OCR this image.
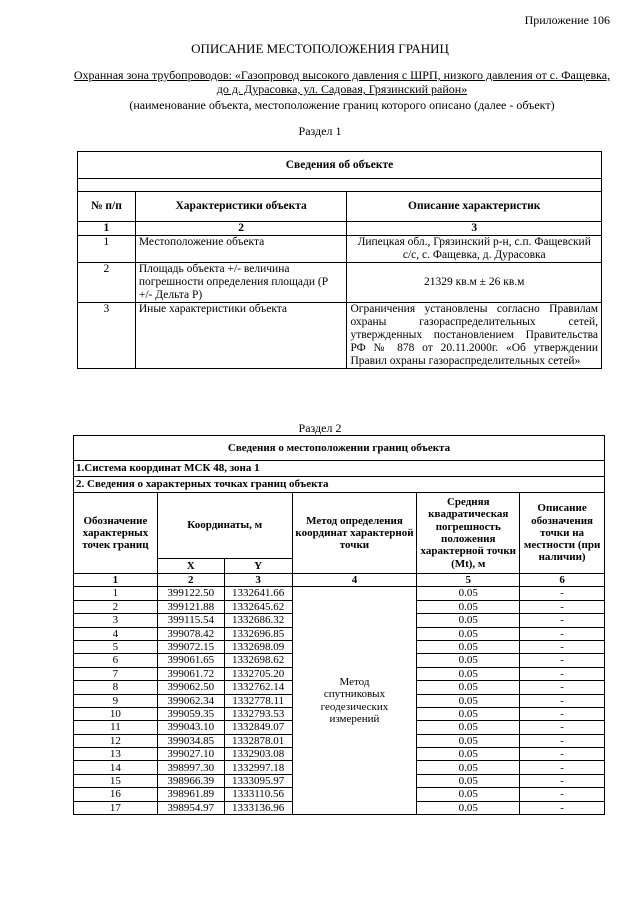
Приложение 106
ОПИСАНИЕ МЕСТОПОЛОЖЕНИЯ ГРАНИЦ
Охранная зона трубопроводов: «Газопровод высокого давления с ШРП, низкого давления от с. Фащевка, до д. Дурасовка, ул. Садовая, Грязинский район»
(наименование объекта, местоположение границ которого описано (далее - объект)
Раздел 1
Сведения об объекте		

№ п/п	Характеристики объекта	Описание характеристик
1	2	3
1	Местоположение объекта	Липецкая обл., Грязинский р-н, с.п. Фащевский с/с, с. Фащевка, д. Дурасовка
2	Площадь объекта +/- величина погрешности определения площади (Р +/- Дельта Р)	21329 кв.м ± 26 кв.м
3	Иные характеристики объекта	Ограничения установлены согласно Правилам охраны газораспределительных сетей, утвержденных постановлением Правительства РФ № 878 от 20.11.2000г. «Об утверждении Правил охраны газораспределительных сетей»
Раздел 2
Сведения о местоположении границ объекта					
1.Система координат МСК 48, зона 1					
2. Сведения о характерных точках границ объекта					
Обозначение характерных точек границ	Координаты, м		Метод определения координат характерной точки	Средняя квадратическая погрешность положения характерной точки (Mt), м	Описание обозначения точки на местности (при наличии)
	X	Y			
1	2	3	4	5	6
1	399122.50	1332641.66	Метод спутниковых геодезических измерений	0.05	-
2	399121.88	1332645.62		0.05	-
3	399115.54	1332686.32		0.05	-
4	399078.42	1332696.85		0.05	-
5	399072.15	1332698.09		0.05	-
6	399061.65	1332698.62		0.05	-
7	399061.72	1332705.20		0.05	-
8	399062.50	1332762.14		0.05	-
9	399062.34	1332778.11		0.05	-
10	399059.35	1332793.53		0.05	-
11	399043.10	1332849.07		0.05	-
12	399034.85	1332878.01		0.05	-
13	399027.10	1332903.08		0.05	-
14	398997.30	1332997.18		0.05	-
15	398966.39	1333095.97		0.05	-
16	398961.89	1333110.56		0.05	-
17	398954.97	1333136.96		0.05	-
